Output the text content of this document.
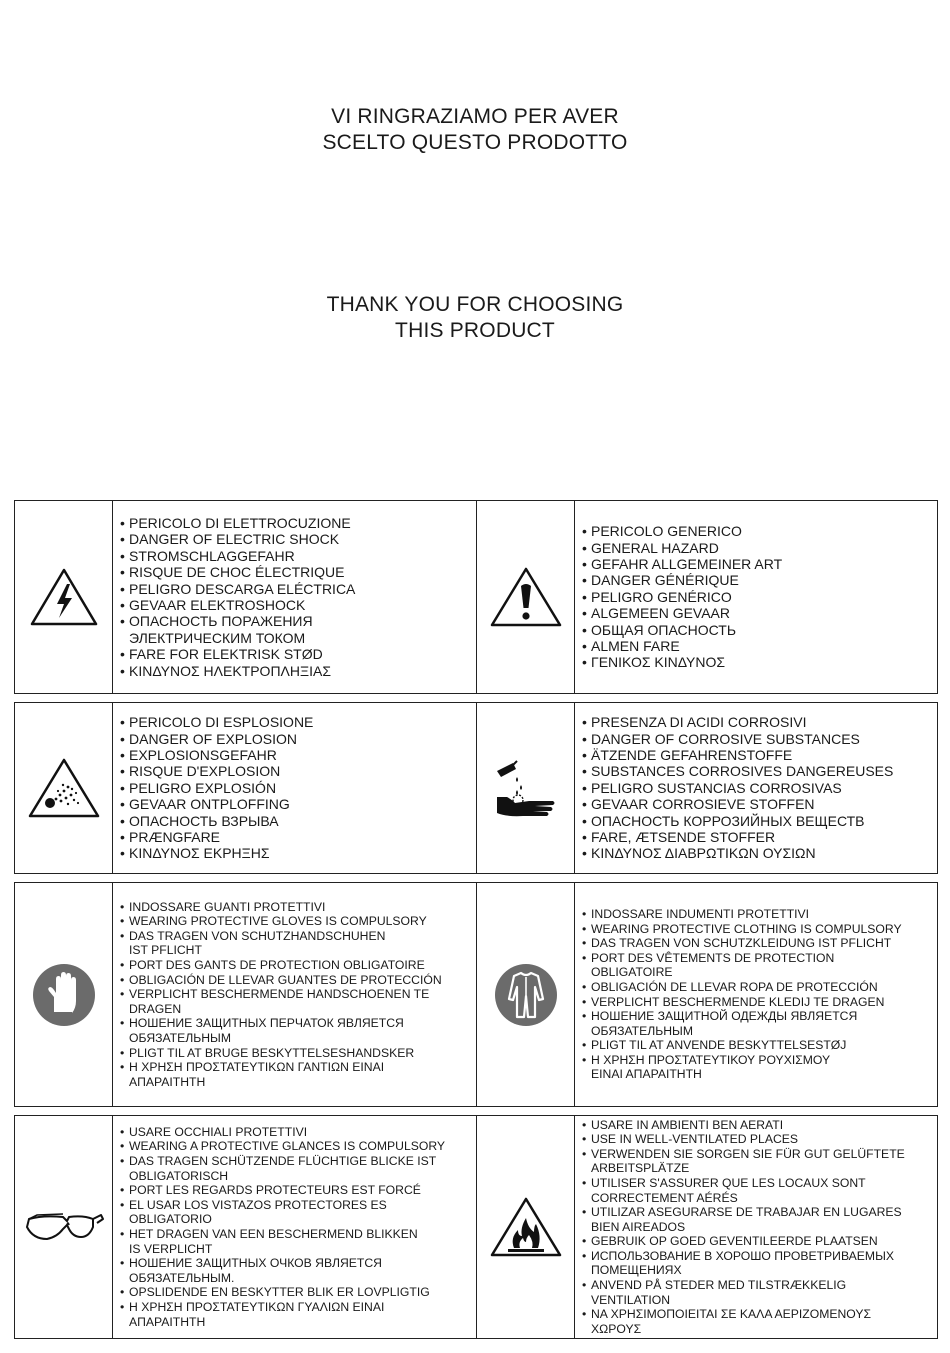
VI RINGRAZIAMO PER AVER
SCELTO QUESTO PRODOTTO
THANK YOU FOR CHOOSING
THIS PRODUCT
• PERICOLO DI ELETTROCUZIONE
• DANGER OF ELECTRIC SHOCK
• STROMSCHLAGGEFAHR
• RISQUE DE CHOC ÉLECTRIQUE
• PELIGRO DESCARGA ELÉCTRICA
• GEVAAR ELEKTROSHOCK
• ОПАСНОСТЬ ПОРАЖЕНИЯ
ЭЛЕКТРИЧЕСКИМ ТОКОМ
• FARE FOR ELEKTRISK STØD
• ΚΙΝΔΥΝΟΣ ΗΛΕΚΤΡΟΠΛΗΞΙΑΣ
• PERICOLO GENERICO
• GENERAL HAZARD
• GEFAHR ALLGEMEINER ART
• DANGER GÉNÉRIQUE
• PELIGRO GENÉRICO
• ALGEMEEN GEVAAR
• ОБЩАЯ ОПАСНОСТЬ
• ALMEN FARE
• ΓΕΝΙΚΟΣ ΚΙΝΔΥΝΟΣ
• PERICOLO DI ESPLOSIONE
• DANGER OF EXPLOSION
• EXPLOSIONSGEFAHR
• RISQUE D'EXPLOSION
• PELIGRO EXPLOSIÓN
• GEVAAR ONTPLOFFING
• ОПАСНОСТЬ ВЗРЫВА
• PRÆNGFARE
• ΚΙΝΔΥΝΟΣ ΕΚΡΗΞΗΣ
• PRESENZA DI ACIDI CORROSIVI
• DANGER OF CORROSIVE SUBSTANCES
• ÄTZENDE GEFAHRENSTOFFE
• SUBSTANCES CORROSIVES DANGEREUSES
• PELIGRO SUSTANCIAS CORROSIVAS
• GEVAAR CORROSIEVE STOFFEN
• ОПАСНОСТЬ КОРРОЗИЙНЫХ ВЕЩЕСТВ
• FARE, ÆTSENDE STOFFER
• ΚΙΝΔΥΝΟΣ ΔΙΑΒΡΩΤΙΚΩΝ ΟΥΣΙΩΝ
• INDOSSARE GUANTI PROTETTIVI
• WEARING PROTECTIVE GLOVES IS COMPULSORY
• DAS TRAGEN VON SCHUTZHANDSCHUHEN
IST PFLICHT
• PORT DES GANTS DE PROTECTION OBLIGATOIRE
• OBLIGACIÓN DE LLEVAR GUANTES DE PROTECCIÓN
• VERPLICHT BESCHERMENDE HANDSCHOENEN TE
DRAGEN
• НОШЕНИЕ ЗАЩИТНЫХ ПЕРЧАТОК ЯВЛЯЕТСЯ
ОБЯЗАТЕЛЬНЫМ
• PLIGT TIL AT BRUGE BESKYTTELSESHANDSKER
• Η ΧΡΗΣΗ ΠΡΟΣΤΑΤΕΥΤΙΚΩΝ ΓΑΝΤΙΩΝ ΕΙΝΑΙ
ΑΠΑΡΑΙΤΗΤΗ
• INDOSSARE INDUMENTI PROTETTIVI
• WEARING PROTECTIVE CLOTHING IS COMPULSORY
• DAS TRAGEN VON SCHUTZKLEIDUNG IST PFLICHT
• PORT DES VÊTEMENTS DE PROTECTION
OBLIGATOIRE
• OBLIGACIÓN DE LLEVAR ROPA DE PROTECCIÓN
• VERPLICHT BESCHERMENDE KLEDIJ TE DRAGEN
• НОШЕНИЕ ЗАЩИТНОЙ ОДЕЖДЫ ЯВЛЯЕТСЯ
ОБЯЗАТЕЛЬНЫМ
• PLIGT TIL AT ANVENDE BESKYTTELSESTØJ
• Η ΧΡΗΣΗ ΠΡΟΣΤΑΤΕΥΤΙΚΟΥ ΡΟΥΧΙΣΜΟΥ
ΕΙΝΑΙ ΑΠΑΡΑΙΤΗΤΗ
• USARE OCCHIALI PROTETTIVI
• WEARING A PROTECTIVE GLANCES IS COMPULSORY
• DAS TRAGEN SCHÜTZENDE FLÜCHTIGE BLICKE IST
OBLIGATORISCH
• PORT LES REGARDS PROTECTEURS EST FORCÉ
• EL USAR LOS VISTAZOS PROTECTORES ES
OBLIGATORIO
• HET DRAGEN VAN EEN BESCHERMEND BLIKKEN
IS VERPLICHT
• НОШЕНИЕ ЗАЩИТНЫХ ОЧКОВ ЯВЛЯЕТСЯ
ОБЯЗАТЕЛЬНЫМ.
• OPSLIDENDE EN BESKYTTER BLIK ER LOVPLIGTIG
• Η ΧΡΗΣΗ ΠΡΟΣΤΑΤΕΥΤΙΚΩΝ ΓΥΑΛΙΩΝ ΕΙΝΑΙ
ΑΠΑΡΑΙΤΗΤΗ
• USARE IN AMBIENTI BEN AERATI
• USE IN WELL-VENTILATED PLACES
• VERWENDEN SIE SORGEN SIE FÜR GUT GELÜFTETE
ARBEITSPLÄTZE
• UTILISER S'ASSURER QUE LES LOCAUX SONT
CORRECTEMENT AÉRÉS
• UTILIZAR ASEGURARSE DE TRABAJAR EN LUGARES
BIEN AIREADOS
• GEBRUIK OP GOED GEVENTILEERDE PLAATSEN
• ИСПОЛЬЗОВАНИЕ В ХОРОШО ПРОВЕТРИВАЕМЫХ
ПОМЕЩЕНИЯХ
• ANVEND PÅ STEDER MED TILSTRÆKKELIG
VENTILATION
• ΝΑ ΧΡΗΣΙΜΟΠΟΙΕΙΤΑΙ ΣΕ ΚΑΛΑ ΑΕΡΙΖΟΜΕΝΟΥΣ
ΧΩΡΟΥΣ
